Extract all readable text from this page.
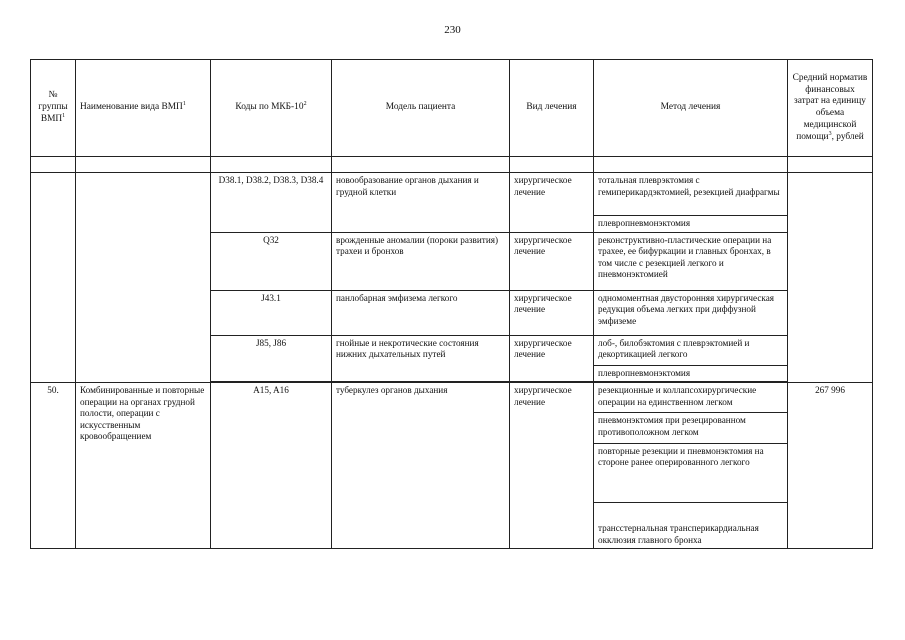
230
№ группы ВМП$^1$	Наименование вида ВМП$^1$	Коды по МКБ-$10^2$	Модель пациента	Вид лечения	Метод лечения	Средний норматив финансовых затрат на единицу объема медицинской помощи$^3$, рублей

		D38.1, D38.2, D38.3, D38.4	новообразование органов дыхания и грудной клетки	хирургическое лечение	тотальная плеврэктомия с гемиперикардэктомией, резекцией диафрагмы	
					плевропневмонэктомия	
		Q32	врожденные аномалии (пороки развития) трахеи и бронхов	хирургическое лечение	реконструктивно-пластические операции на трахее, ее бифуркации и главных бронхах, в том числе с резекцией легкого и пневмонэктомией	
		J43.1	панлобарная эмфизема легкого	хирургическое лечение	одномоментная двусторонняя хирургическая редукция объема легких при диффузной эмфиземе	
		J85, J86	гнойные и некротические состояния нижних дыхательных путей	хирургическое лечение	лоб-, билобэктомия с плеврэктомией и декортикацией легкого	
					плевропневмонэктомия	

50.	Комбинированные и повторные операции на органах грудной полости, операции с искусственным кровообращением	A15, A16	туберкулез органов дыхания	хирургическое лечение	резекционные и коллапсохирургические операции на единственном легком	267 996
					пневмонэктомия при резецированном противоположном легком	
					повторные резекции и пневмонэктомия на стороне ранее оперированного легкого	
					трансстернальная трансперикардиальная окклюзия главного бронха	
